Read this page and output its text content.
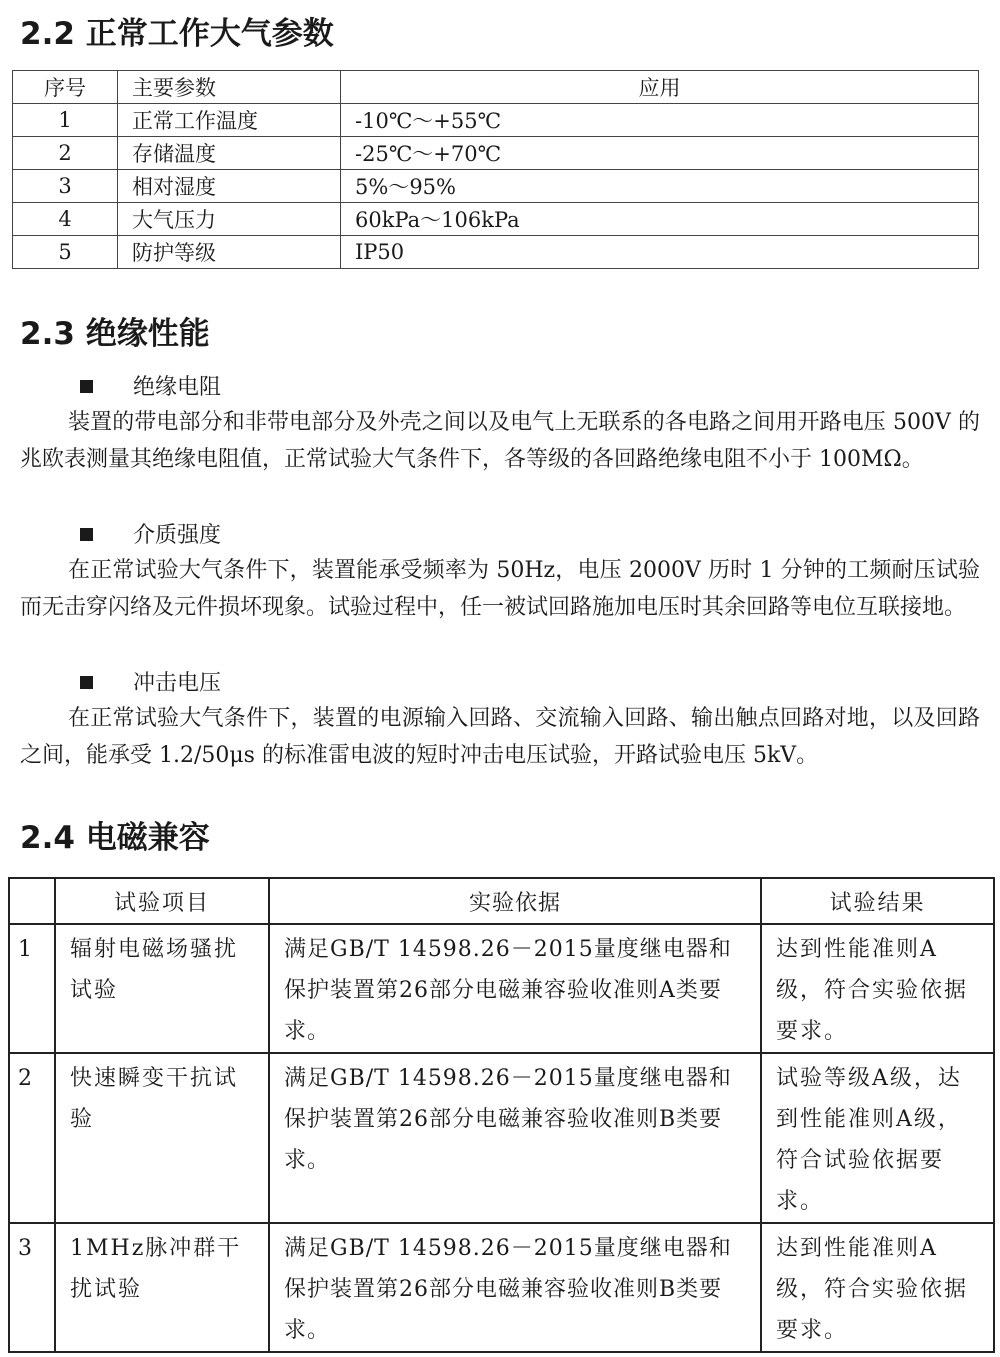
2.2 正常工作大气参数
序号	主要参数	应用
1	正常工作温度	-10℃～+55℃
2	存储温度	-25℃～+70℃
3	相对湿度	5%～95%
4	大气压力	60kPa～106kPa
5	防护等级	IP50
2.3 绝缘性能
绝缘电阻

装置的带电部分和非带电部分及外壳之间以及电气上无联系的各电路之间用开路电压 500V 的兆欧表测量其绝缘电阻值，正常试验大气条件下，各等级的各回路绝缘电阻不小于 100MΩ。

介质强度

在正常试验大气条件下，装置能承受频率为 50Hz，电压 2000V 历时 1 分钟的工频耐压试验而无击穿闪络及元件损坏现象。试验过程中，任一被试回路施加电压时其余回路等电位互联接地。

冲击电压

在正常试验大气条件下，装置的电源输入回路、交流输入回路、输出触点回路对地，以及回路之间，能承受 1.2/50μs 的标准雷电波的短时冲击电压试验，开路试验电压 5kV。

2.4 电磁兼容
	试验项目	实验依据	试验结果
1	辐射电磁场骚扰试验	满足GB/T 14598.26－2015量度继电器和保护装置第26部分电磁兼容验收准则A类要求。	达到性能准则A级，符合实验依据要求。
2	快速瞬变干抗试验	满足GB/T 14598.26－2015量度继电器和保护装置第26部分电磁兼容验收准则B类要求。	试验等级A级，达到性能准则A级，符合试验依据要求。
3	1MHz脉冲群干扰试验	满足GB/T 14598.26－2015量度继电器和保护装置第26部分电磁兼容验收准则B类要求。	达到性能准则A级，符合实验依据要求。
